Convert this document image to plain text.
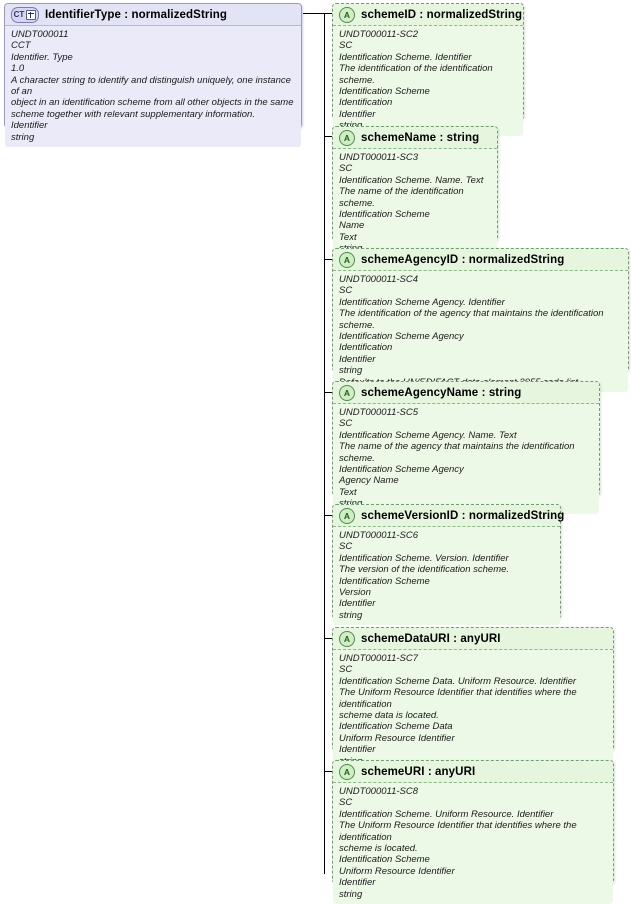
CT IdentifierType : normalizedString
UNDT000011
CCT
Identifier. Type
1.0
A character string to identify and distinguish uniquely, one instance of an
object in an identification scheme from all other objects in the same
scheme together with relevant supplementary information.
Identifier
string
A schemeID : normalizedString
UNDT000011-SC2
SC
Identification Scheme. Identifier
The identification of the identification scheme.
Identification Scheme
Identification
Identifier
A schemeName : string
UNDT000011-SC3
SC
Identification Scheme. Name. Text
The name of the identification scheme.
Identification Scheme
Name
Text
A schemeAgencyID : normalizedString
UNDT000011-SC4
SC
Identification Scheme Agency. Identifier
The identification of the agency that maintains the identification scheme.
Identification Scheme Agency
Identification
Identifier
string
A schemeAgencyName : string
UNDT000011-SC5
SC
Identification Scheme Agency. Name. Text
The name of the agency that maintains the identification scheme.
Identification Scheme Agency
Agency Name
Text
A schemeVersionID : normalizedString
UNDT000011-SC6
SC
Identification Scheme. Version. Identifier
The version of the identification scheme.
Identification Scheme
Version
Identifier
string
A schemeDataURI : anyURI
UNDT000011-SC7
SC
Identification Scheme Data. Uniform Resource. Identifier
The Uniform Resource Identifier that identifies where the identification
scheme data is located.
Identification Scheme Data
Uniform Resource Identifier
Identifier
A schemeURI : anyURI
UNDT000011-SC8
SC
Identification Scheme. Uniform Resource. Identifier
The Uniform Resource Identifier that identifies where the identification
scheme is located.
Identification Scheme
Uniform Resource Identifier
Identifier
string
